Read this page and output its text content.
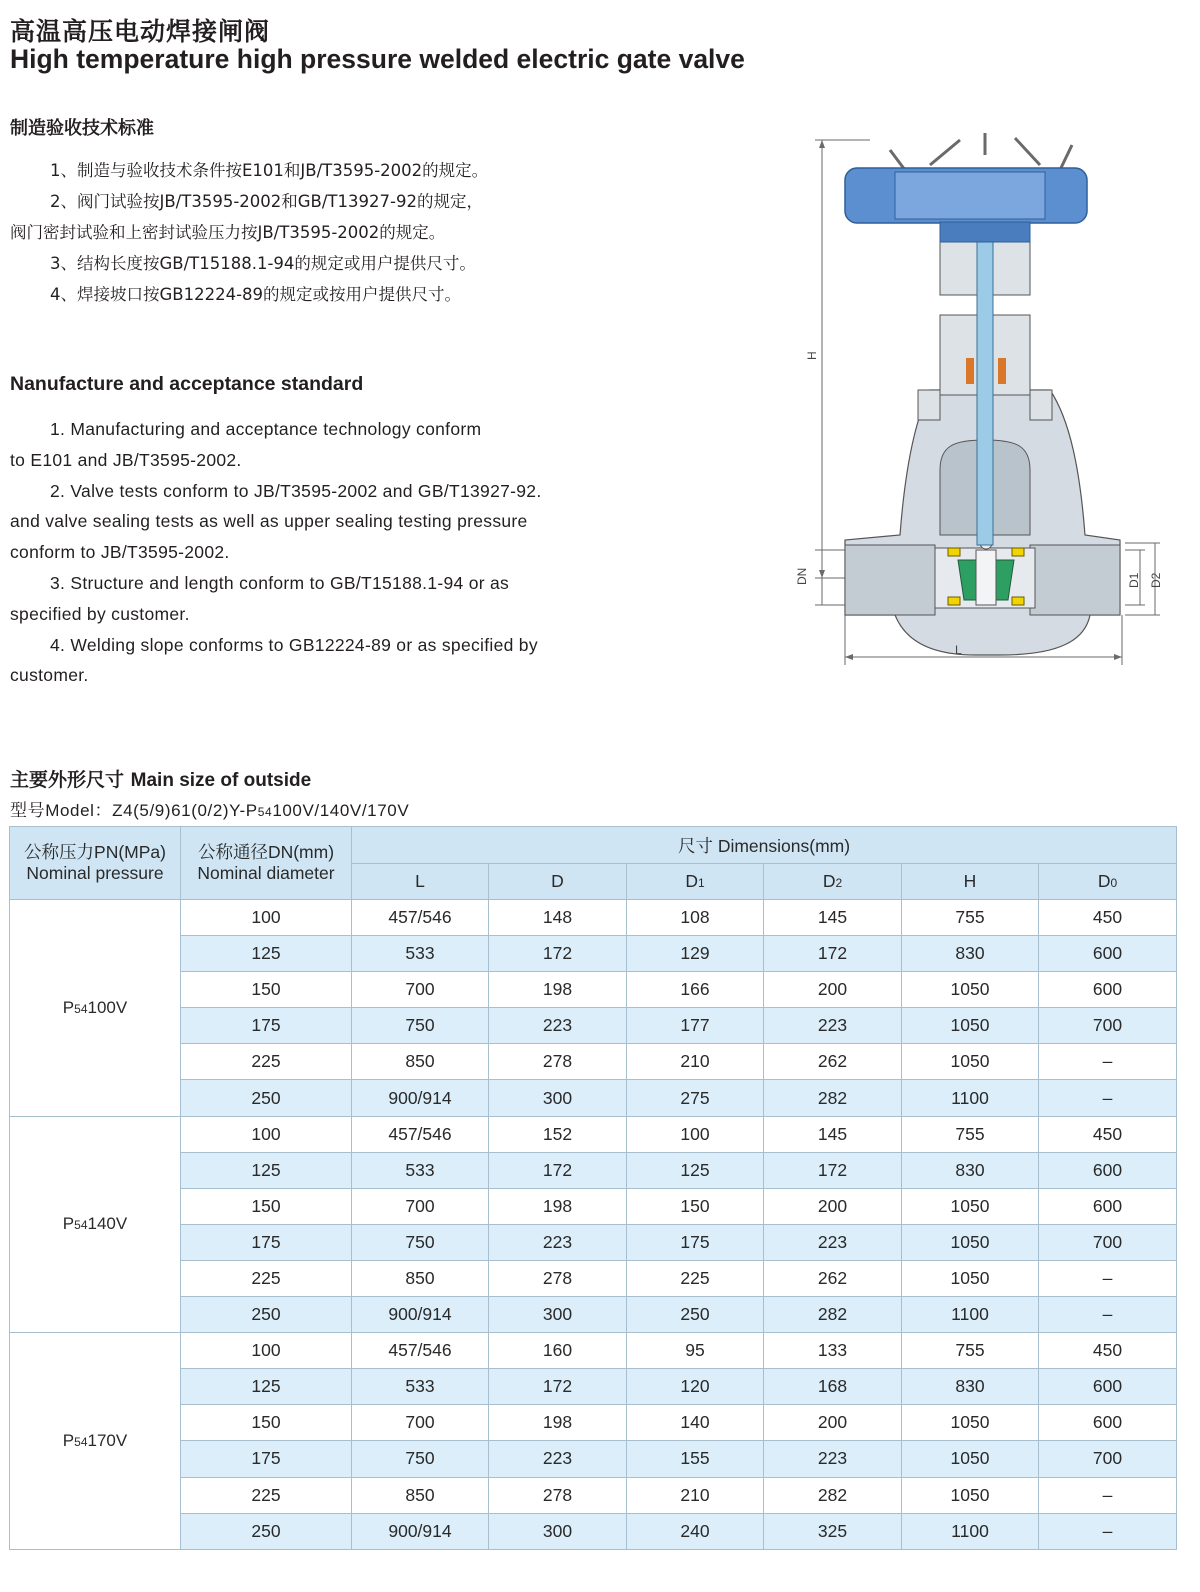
高温高压电动焊接闸阀
High temperature high pressure welded electric gate valve
制造验收技术标准

1、制造与验收技术条件按E101和JB/T3595-2002的规定。

2、阀门试验按JB/T3595-2002和GB/T13927-92的规定，

阀门密封试验和上密封试验压力按JB/T3595-2002的规定。

3、结构长度按GB/T15188.1-94的规定或用户提供尺寸。

4、焊接坡口按GB12224-89的规定或按用户提供尺寸。

Nanufacture and acceptance standard

1. Manufacturing and acceptance technology conform

to E101 and JB/T3595-2002.

2. Valve tests conform to JB/T3595-2002 and GB/T13927-92.

and valve sealing tests as well as upper sealing testing pressure

conform to JB/T3595-2002.

3. Structure and length conform to GB/T15188.1-94 or as

specified by customer.

4. Welding slope conforms to GB12224-89 or as specified by

customer.

H
DN
L
D1 D2
主要外形尺寸 Main size of outside
型号Model：Z4(5/9)61(0/2)Y-P54100V/140V/170V
公称压力PN(MPa)
Nominal pressure	公称通径DN(mm)
Nominal diameter	尺寸 Dimensions(mm)					
		L	D	D1	D2	H	D0
P54100V	100	457/546	148	108	145	755	450
	125	533	172	129	172	830	600
	150	700	198	166	200	1050	600
	175	750	223	177	223	1050	700
	225	850	278	210	262	1050	–
	250	900/914	300	275	282	1100	–
P54140V	100	457/546	152	100	145	755	450
	125	533	172	125	172	830	600
	150	700	198	150	200	1050	600
	175	750	223	175	223	1050	700
	225	850	278	225	262	1050	–
	250	900/914	300	250	282	1100	–
P54170V	100	457/546	160	95	133	755	450
	125	533	172	120	168	830	600
	150	700	198	140	200	1050	600
	175	750	223	155	223	1050	700
	225	850	278	210	282	1050	–
	250	900/914	300	240	325	1100	–
